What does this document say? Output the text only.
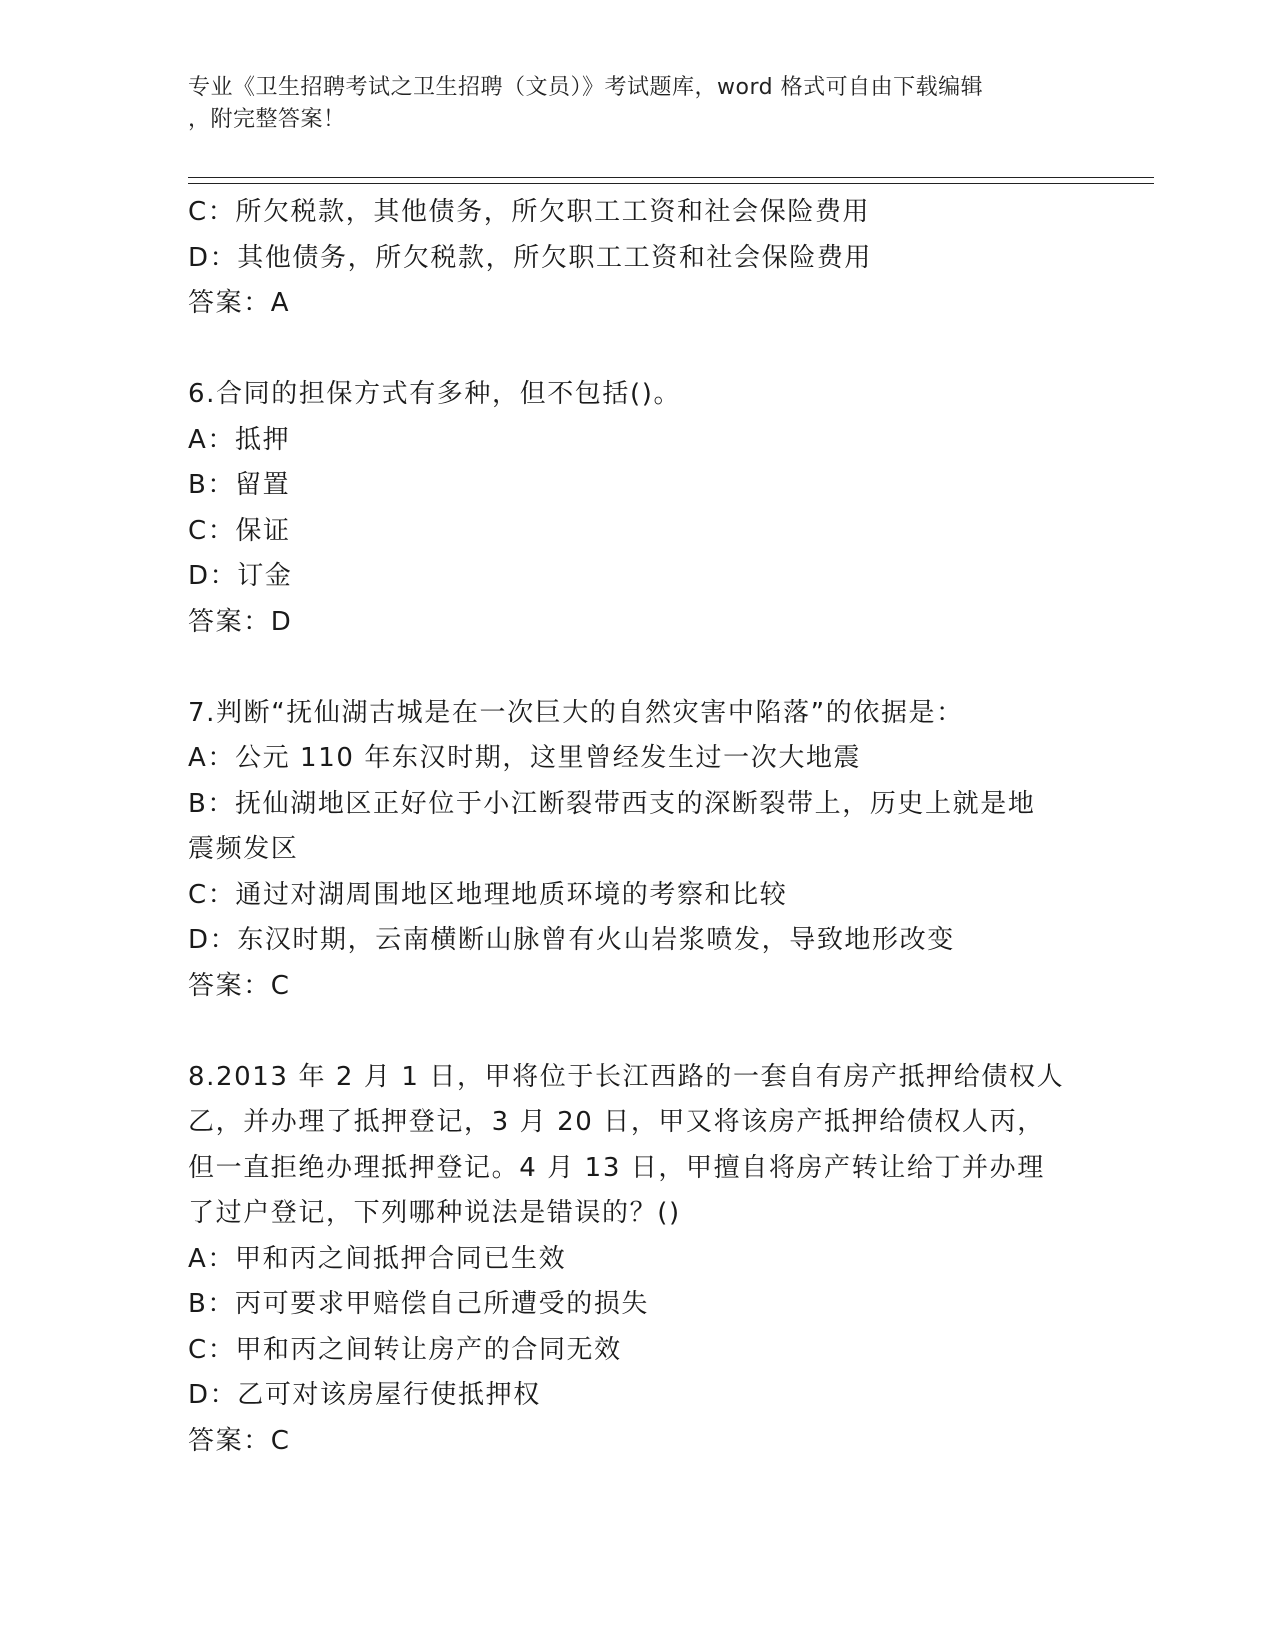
专业《卫生招聘考试之卫生招聘（文员）》考试题库，word 格式可自由下载编辑
，附完整答案！
C：所欠税款，其他债务，所欠职工工资和社会保险费用
D：其他债务，所欠税款，所欠职工工资和社会保险费用
答案：A
6.合同的担保方式有多种，但不包括()。
A：抵押
B：留置
C：保证
D：订金
答案：D
7.判断“抚仙湖古城是在一次巨大的自然灾害中陷落”的依据是：
A：公元 110 年东汉时期，这里曾经发生过一次大地震
B：抚仙湖地区正好位于小江断裂带西支的深断裂带上，历史上就是地
震频发区
C：通过对湖周围地区地理地质环境的考察和比较
D：东汉时期，云南横断山脉曾有火山岩浆喷发，导致地形改变
答案：C
8.2013 年 2 月 1 日，甲将位于长江西路的一套自有房产抵押给债权人
乙，并办理了抵押登记，3 月 20 日，甲又将该房产抵押给债权人丙，
但一直拒绝办理抵押登记。4 月 13 日，甲擅自将房产转让给丁并办理
了过户登记，下列哪种说法是错误的？()
A：甲和丙之间抵押合同已生效
B：丙可要求甲赔偿自己所遭受的损失
C：甲和丙之间转让房产的合同无效
D：乙可对该房屋行使抵押权
答案：C
